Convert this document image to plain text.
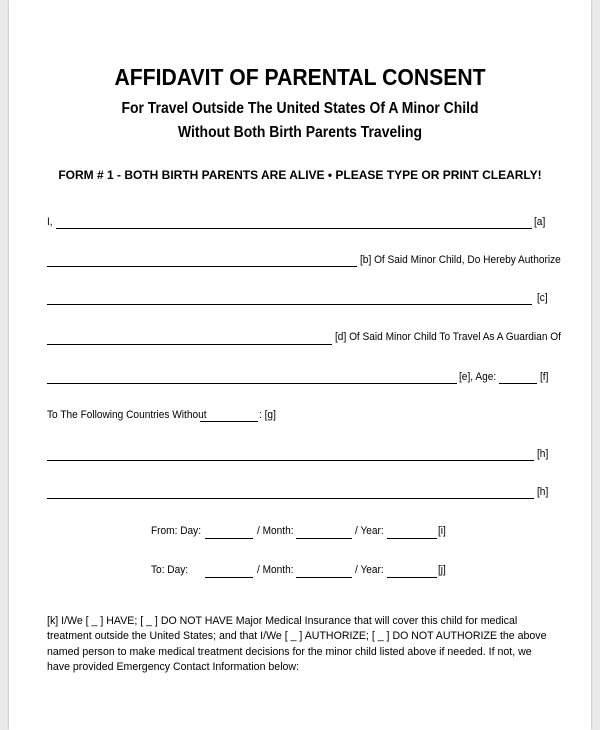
AFFIDAVIT OF PARENTAL CONSENT
For Travel Outside The United States Of A Minor Child
Without Both Birth Parents Traveling
FORM # 1 - BOTH BIRTH PARENTS ARE ALIVE • PLEASE TYPE OR PRINT CLEARLY!
I,	[a]
[b] Of Said Minor Child, Do Hereby Authorize
[c]
[d] Of Said Minor Child To Travel As A Guardian Of
[e], Age:	[f]
To The Following Countries Without	: [g]
[h]
[h]
From: Day:	/ Month:	/ Year:	[i]
To: Day:	/ Month:	/ Year:	[j]
[k] I/We [ _ ] HAVE; [ _ ] DO NOT HAVE Major Medical Insurance that will cover this child for medical treatment outside the United States; and that I/We [ _ ] AUTHORIZE; [ _ ] DO NOT AUTHORIZE the above named person to make medical treatment decisions for the minor child listed above if needed. If not, we have provided Emergency Contact Information below:
